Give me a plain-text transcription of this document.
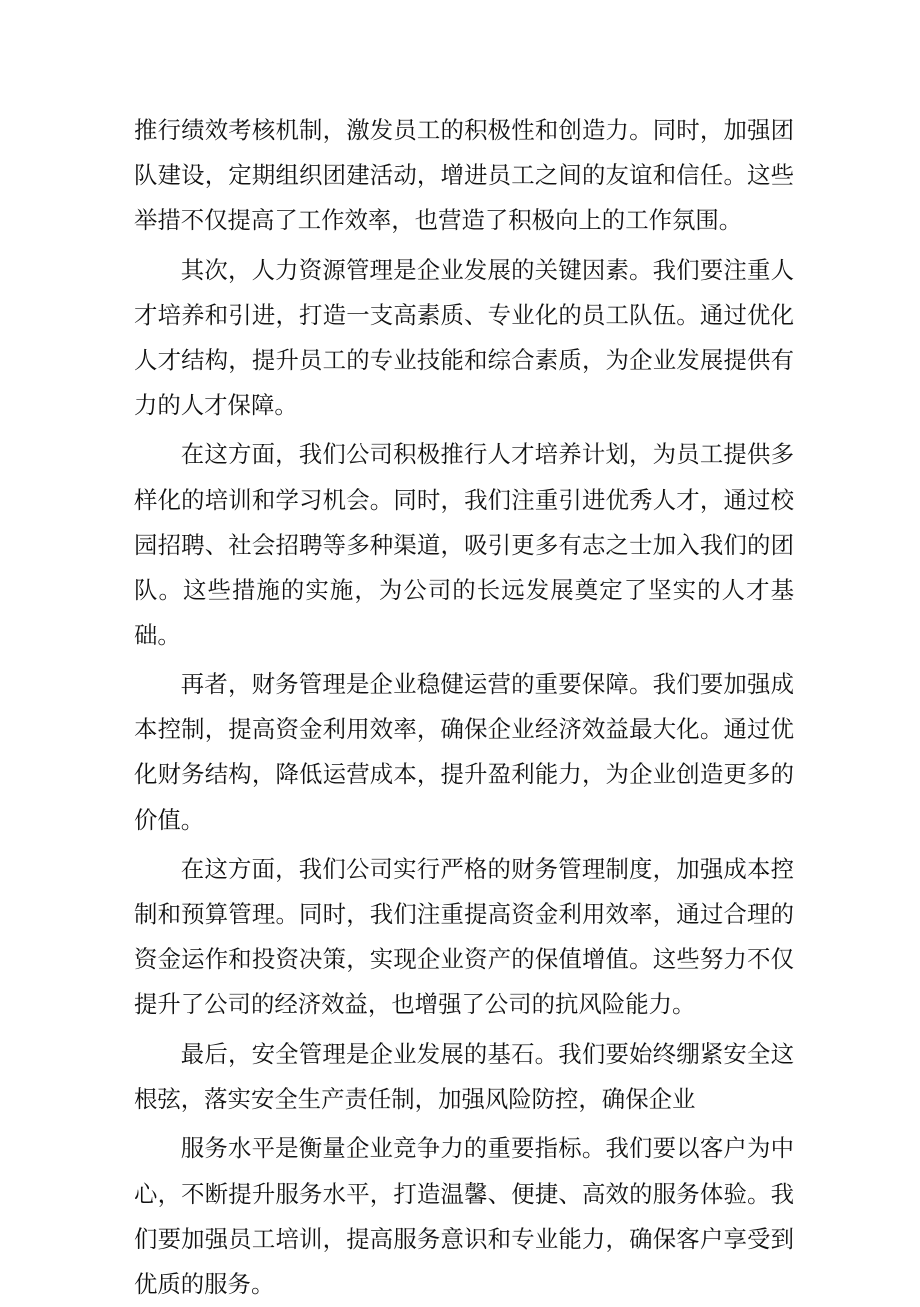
推行绩效考核机制，激发员工的积极性和创造力。同时，加强团队建设，定期组织团建活动，增进员工之间的友谊和信任。这些举措不仅提高了工作效率，也营造了积极向上的工作氛围。

其次，人力资源管理是企业发展的关键因素。我们要注重人才培养和引进，打造一支高素质、专业化的员工队伍。通过优化人才结构，提升员工的专业技能和综合素质，为企业发展提供有力的人才保障。

在这方面，我们公司积极推行人才培养计划，为员工提供多样化的培训和学习机会。同时，我们注重引进优秀人才，通过校园招聘、社会招聘等多种渠道，吸引更多有志之士加入我们的团队。这些措施的实施，为公司的长远发展奠定了坚实的人才基础。

再者，财务管理是企业稳健运营的重要保障。我们要加强成本控制，提高资金利用效率，确保企业经济效益最大化。通过优化财务结构，降低运营成本，提升盈利能力，为企业创造更多的价值。

在这方面，我们公司实行严格的财务管理制度，加强成本控制和预算管理。同时，我们注重提高资金利用效率，通过合理的资金运作和投资决策，实现企业资产的保值增值。这些努力不仅提升了公司的经济效益，也增强了公司的抗风险能力。

最后，安全管理是企业发展的基石。我们要始终绷紧安全这根弦，落实安全生产责任制，加强风险防控，确保企业

服务水平是衡量企业竞争力的重要指标。我们要以客户为中心，不断提升服务水平，打造温馨、便捷、高效的服务体验。我们要加强员工培训，提高服务意识和专业能力，确保客户享受到优质的服务。
